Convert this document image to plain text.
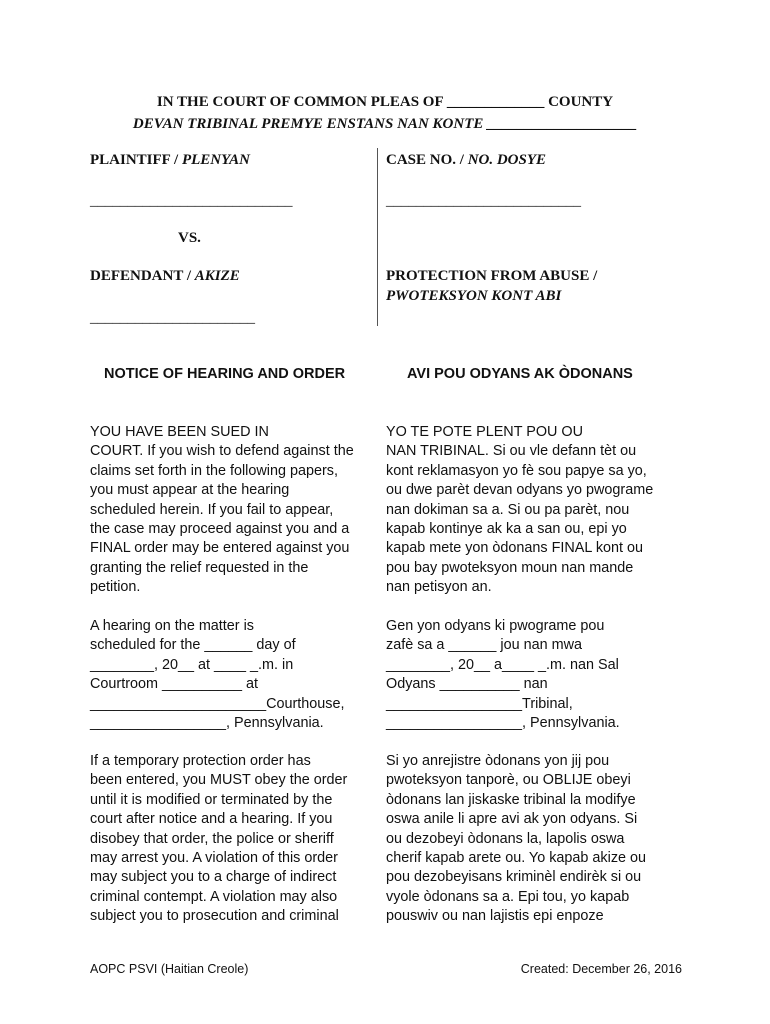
IN THE COURT OF COMMON PLEAS OF _____________ COUNTY
DEVAN TRIBINAL PREMYE ENSTANS NAN KONTE ____________________
PLAINTIFF / PLENYAN
___________________________
VS.
DEFENDANT / AKIZE
______________________
CASE NO. / NO. DOSYE
__________________________
PROTECTION FROM ABUSE /
PWOTEKSYON KONT ABI
NOTICE OF HEARING AND ORDER	AVI POU ODYANS AK ÒDONANS
YOU HAVE BEEN SUED IN
COURT. If you wish to defend against the
claims set forth in the following papers,
you must appear at the hearing
scheduled herein. If you fail to appear,
the case may proceed against you and a
FINAL order may be entered against you
granting the relief requested in the
petition.
A hearing on the matter is
scheduled for the ______ day of
________, 20__ at ____ _.m. in
Courtroom __________ at
______________________Courthouse,
_________________, Pennsylvania.
If a temporary protection order has
been entered, you MUST obey the order
until it is modified or terminated by the
court after notice and a hearing. If you
disobey that order, the police or sheriff
may arrest you. A violation of this order
may subject you to a charge of indirect
criminal contempt. A violation may also
subject you to prosecution and criminal
YO TE POTE PLENT POU OU
NAN TRIBINAL. Si ou vle defann tèt ou
kont reklamasyon yo fè sou papye sa yo,
ou dwe parèt devan odyans yo pwograme
nan dokiman sa a. Si ou pa parèt, nou
kapab kontinye ak ka a san ou, epi yo
kapab mete yon òdonans FINAL kont ou
pou bay pwoteksyon moun nan mande
nan petisyon an.
Gen yon odyans ki pwograme pou
zafè sa a ______ jou nan mwa
________, 20__ a____ _.m. nan Sal
Odyans __________ nan
_________________Tribinal,
_________________, Pennsylvania.
Si yo anrejistre òdonans yon jij pou
pwoteksyon tanporè, ou OBLIJE obeyi
òdonans lan jiskaske tribinal la modifye
oswa anile li apre avi ak yon odyans. Si
ou dezobeyi òdonans la, lapolis oswa
cherif kapab arete ou. Yo kapab akize ou
pou dezobeyisans kriminèl endirèk si ou
vyole òdonans sa a. Epi tou, yo kapab
pouswiv ou nan lajistis epi enpoze
AOPC PSVI (Haitian Creole)	Created: December 26, 2016
